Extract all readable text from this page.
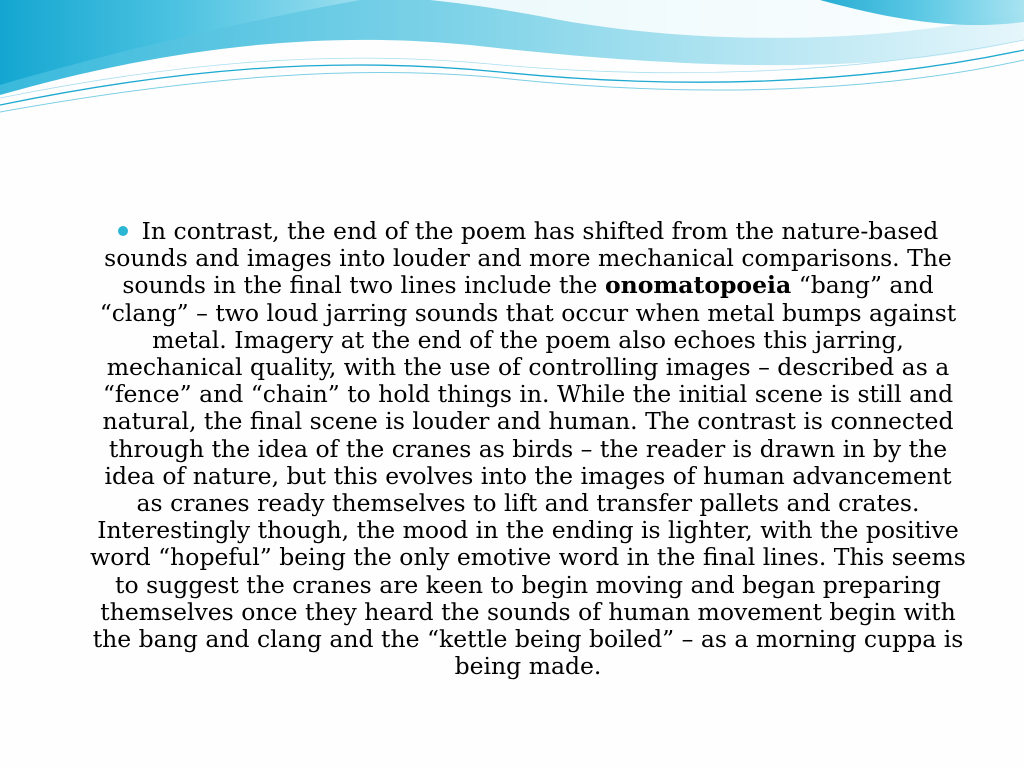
In contrast, the end of the poem has shifted from the nature-based sounds and images into louder and more mechanical comparisons. The sounds in the final two lines include the onomatopoeia “bang” and “clang” – two loud jarring sounds that occur when metal bumps against metal. Imagery at the end of the poem also echoes this jarring, mechanical quality, with the use of controlling images – described as a “fence” and “chain” to hold things in. While the initial scene is still and natural, the final scene is louder and human. The contrast is connected through the idea of the cranes as birds – the reader is drawn in by the idea of nature, but this evolves into the images of human advancement as cranes ready themselves to lift and transfer pallets and crates. Interestingly though, the mood in the ending is lighter, with the positive word “hopeful” being the only emotive word in the final lines. This seems to suggest the cranes are keen to begin moving and began preparing themselves once they heard the sounds of human movement begin with the bang and clang and the “kettle being boiled” – as a morning cuppa is being made.
